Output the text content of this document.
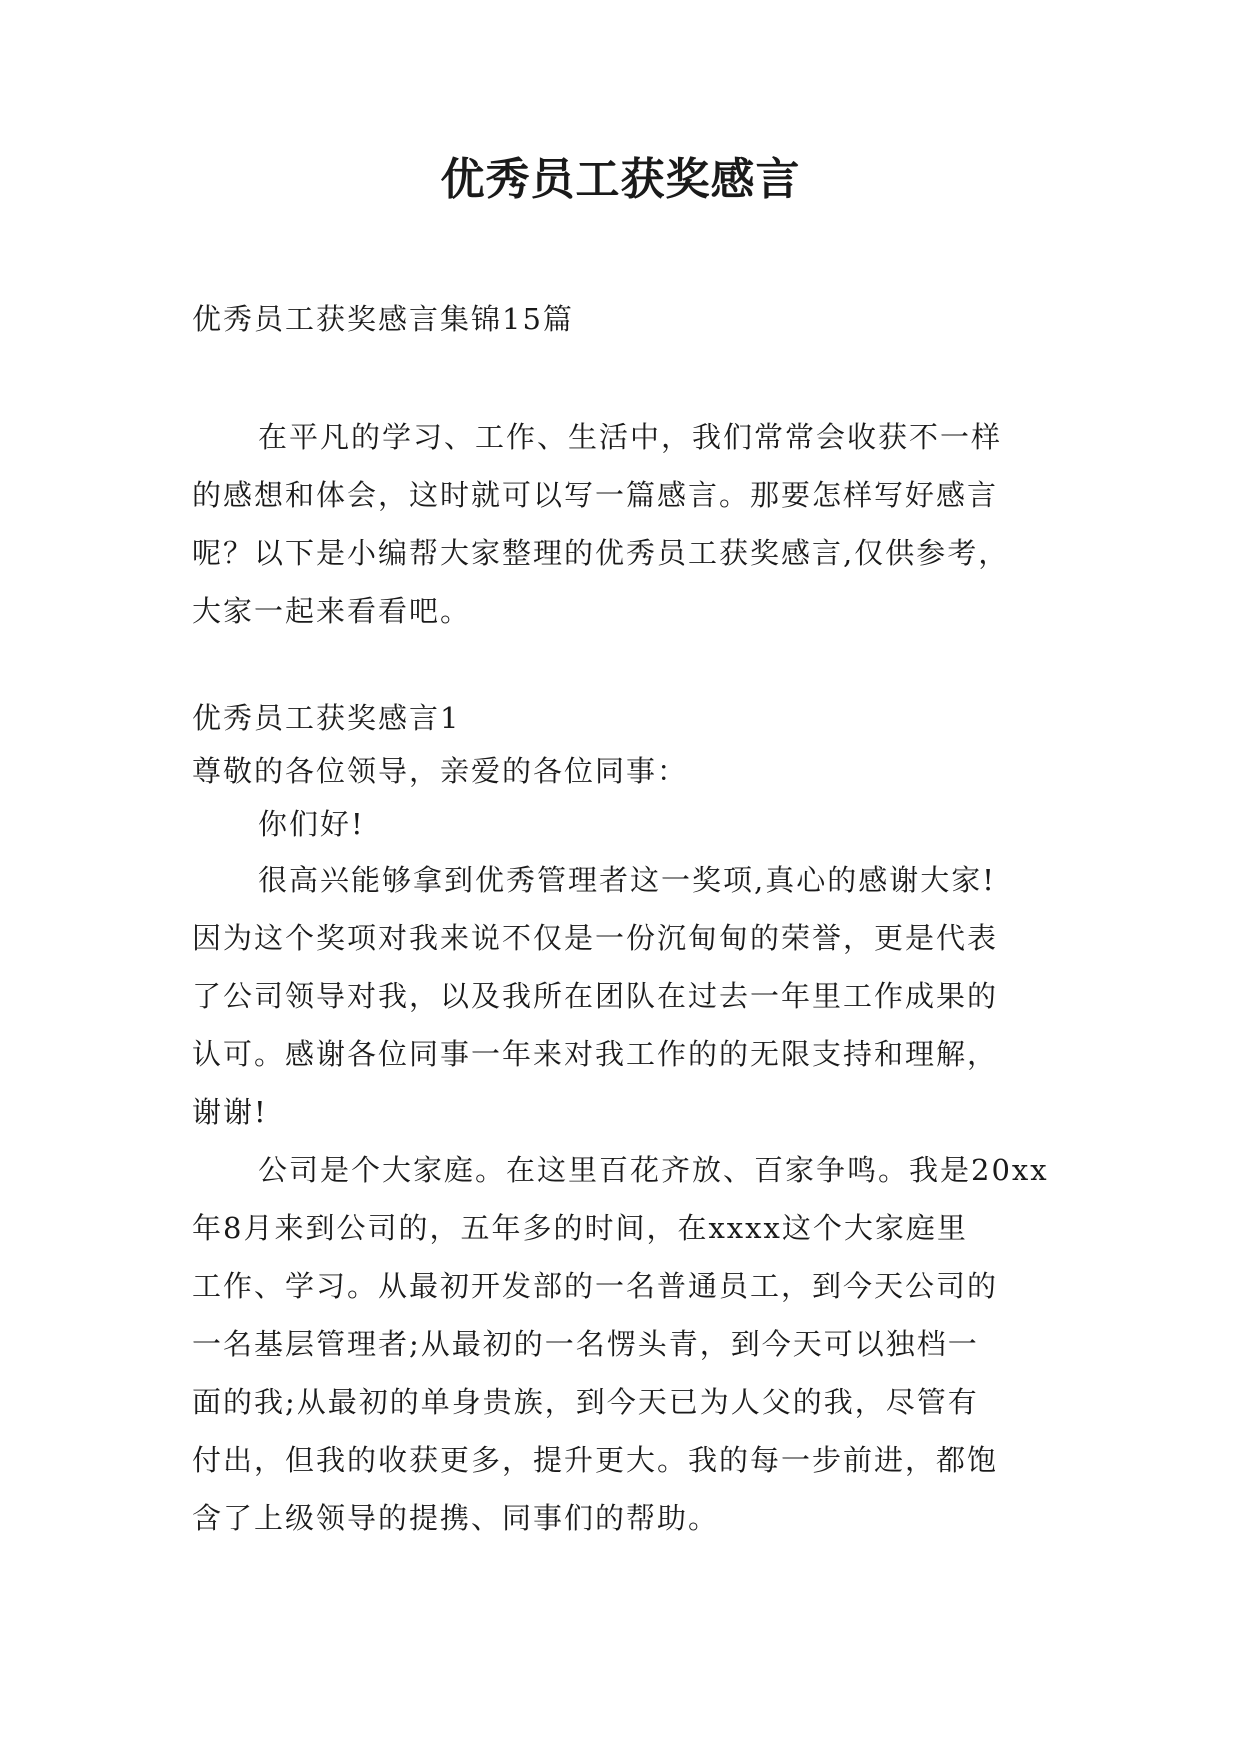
优秀员工获奖感言

优秀员工获奖感言集锦15篇

在平凡的学习、工作、生活中，我们常常会收获不一样

的感想和体会，这时就可以写一篇感言。那要怎样写好感言

呢？以下是小编帮大家整理的优秀员工获奖感言,仅供参考，

大家一起来看看吧。

优秀员工获奖感言1

尊敬的各位领导，亲爱的各位同事：

你们好!

很高兴能够拿到优秀管理者这一奖项,真心的感谢大家!

因为这个奖项对我来说不仅是一份沉甸甸的荣誉，更是代表

了公司领导对我，以及我所在团队在过去一年里工作成果的

认可。感谢各位同事一年来对我工作的的无限支持和理解，

谢谢!

公司是个大家庭。在这里百花齐放、百家争鸣。我是20xx

年8月来到公司的，五年多的时间，在xxxx这个大家庭里

工作、学习。从最初开发部的一名普通员工，到今天公司的

一名基层管理者;从最初的一名愣头青，到今天可以独档一

面的我;从最初的单身贵族，到今天已为人父的我，尽管有

付出，但我的收获更多，提升更大。我的每一步前进，都饱

含了上级领导的提携、同事们的帮助。
